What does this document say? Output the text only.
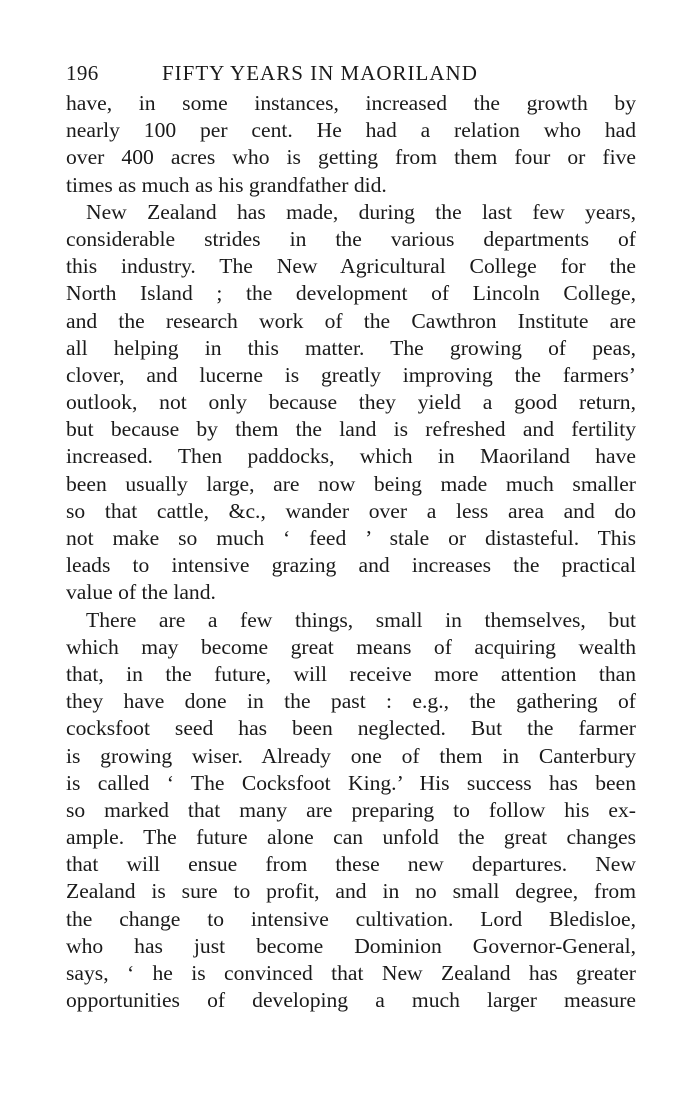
196	FIFTY YEARS IN MAORILAND
have, in some instances, increased the growth by
nearly 100 per cent. He had a relation who had
over 400 acres who is getting from them four or five
times as much as his grandfather did.
New Zealand has made, during the last few years,
considerable strides in the various departments of
this industry. The New Agricultural College for the
North Island ; the development of Lincoln College,
and the research work of the Cawthron Institute are
all helping in this matter. The growing of peas,
clover, and lucerne is greatly improving the farmers’
outlook, not only because they yield a good return,
but because by them the land is refreshed and fertility
increased. Then paddocks, which in Maoriland have
been usually large, are now being made much smaller
so that cattle, &c., wander over a less area and do
not make so much ‘ feed ’ stale or distasteful. This
leads to intensive grazing and increases the practical
value of the land.
There are a few things, small in themselves, but
which may become great means of acquiring wealth
that, in the future, will receive more attention than
they have done in the past : e.g., the gathering of
cocksfoot seed has been neglected. But the farmer
is growing wiser. Already one of them in Canterbury
is called ‘ The Cocksfoot King.’ His success has been
so marked that many are preparing to follow his ex-
ample. The future alone can unfold the great changes
that will ensue from these new departures. New
Zealand is sure to profit, and in no small degree, from
the change to intensive cultivation. Lord Bledisloe,
who has just become Dominion Governor-General,
says, ‘ he is convinced that New Zealand has greater
opportunities of developing a much larger measure
